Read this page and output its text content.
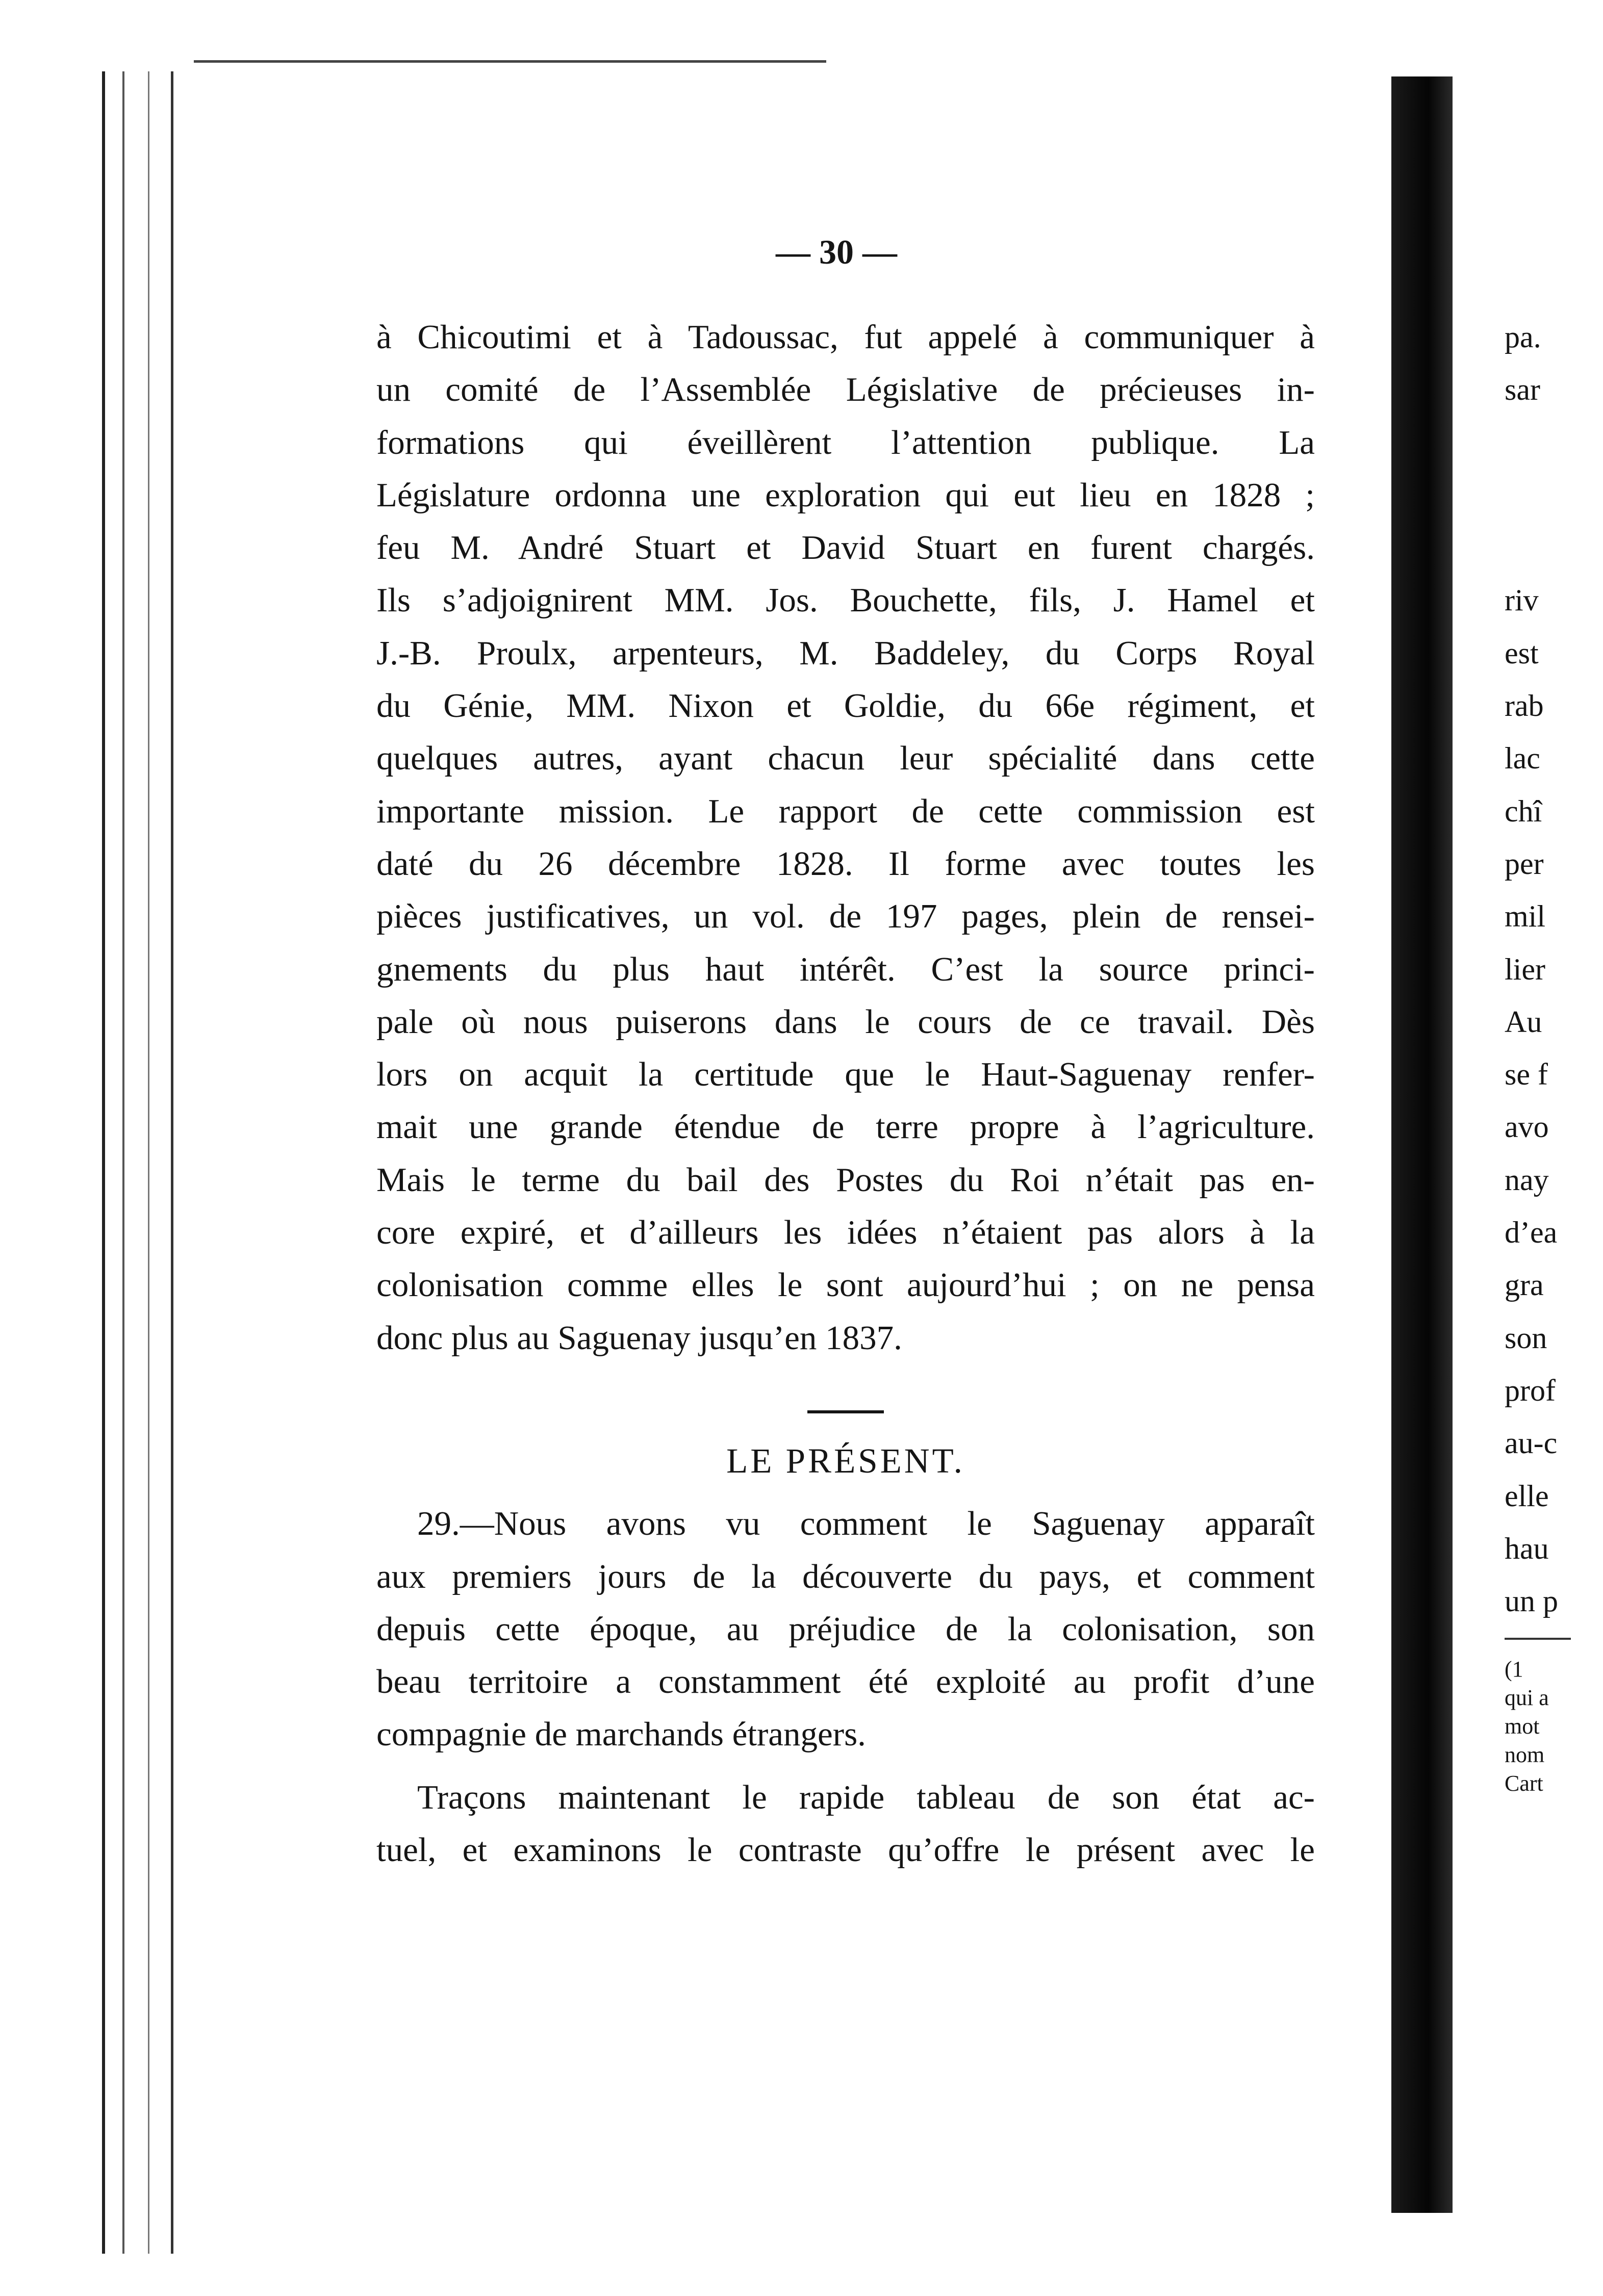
— 30 —

à Chicoutimi et à Tadoussac, fut appelé à communiquer à

un comité de l’Assemblée Législative de précieuses in-

formations qui éveillèrent l’attention publique. La

Législature ordonna une exploration qui eut lieu en 1828 ;

feu M. André Stuart et David Stuart en furent chargés.

Ils s’adjoignirent MM. Jos. Bouchette, fils, J. Hamel et

J.-B. Proulx, arpenteurs, M. Baddeley, du Corps Royal

du Génie, MM. Nixon et Goldie, du 66e régiment, et

quelques autres, ayant chacun leur spécialité dans cette

importante mission. Le rapport de cette commission est

daté du 26 décembre 1828. Il forme avec toutes les

pièces justificatives, un vol. de 197 pages, plein de rensei-

gnements du plus haut intérêt. C’est la source princi-

pale où nous puiserons dans le cours de ce travail. Dès

lors on acquit la certitude que le Haut-Saguenay renfer-

mait une grande étendue de terre propre à l’agriculture.

Mais le terme du bail des Postes du Roi n’était pas en-

core expiré, et d’ailleurs les idées n’étaient pas alors à la

colonisation comme elles le sont aujourd’hui ; on ne pensa

donc plus au Saguenay jusqu’en 1837.

LE PRÉSENT.

29.—Nous avons vu comment le Saguenay apparaît

aux premiers jours de la découverte du pays, et comment

depuis cette époque, au préjudice de la colonisation, son

beau territoire a constamment été exploité au profit d’une

compagnie de marchands étrangers.

Traçons maintenant le rapide tableau de son état ac-

tuel, et examinons le contraste qu’offre le présent avec le

pa.
sar
riv
est
rab
lac
chî
per
mil
lier
Au
se f
avo
nay
d’ea
gra
son
prof
au-c
elle
hau
un p
(1
qui a
mot
nom
Cart
